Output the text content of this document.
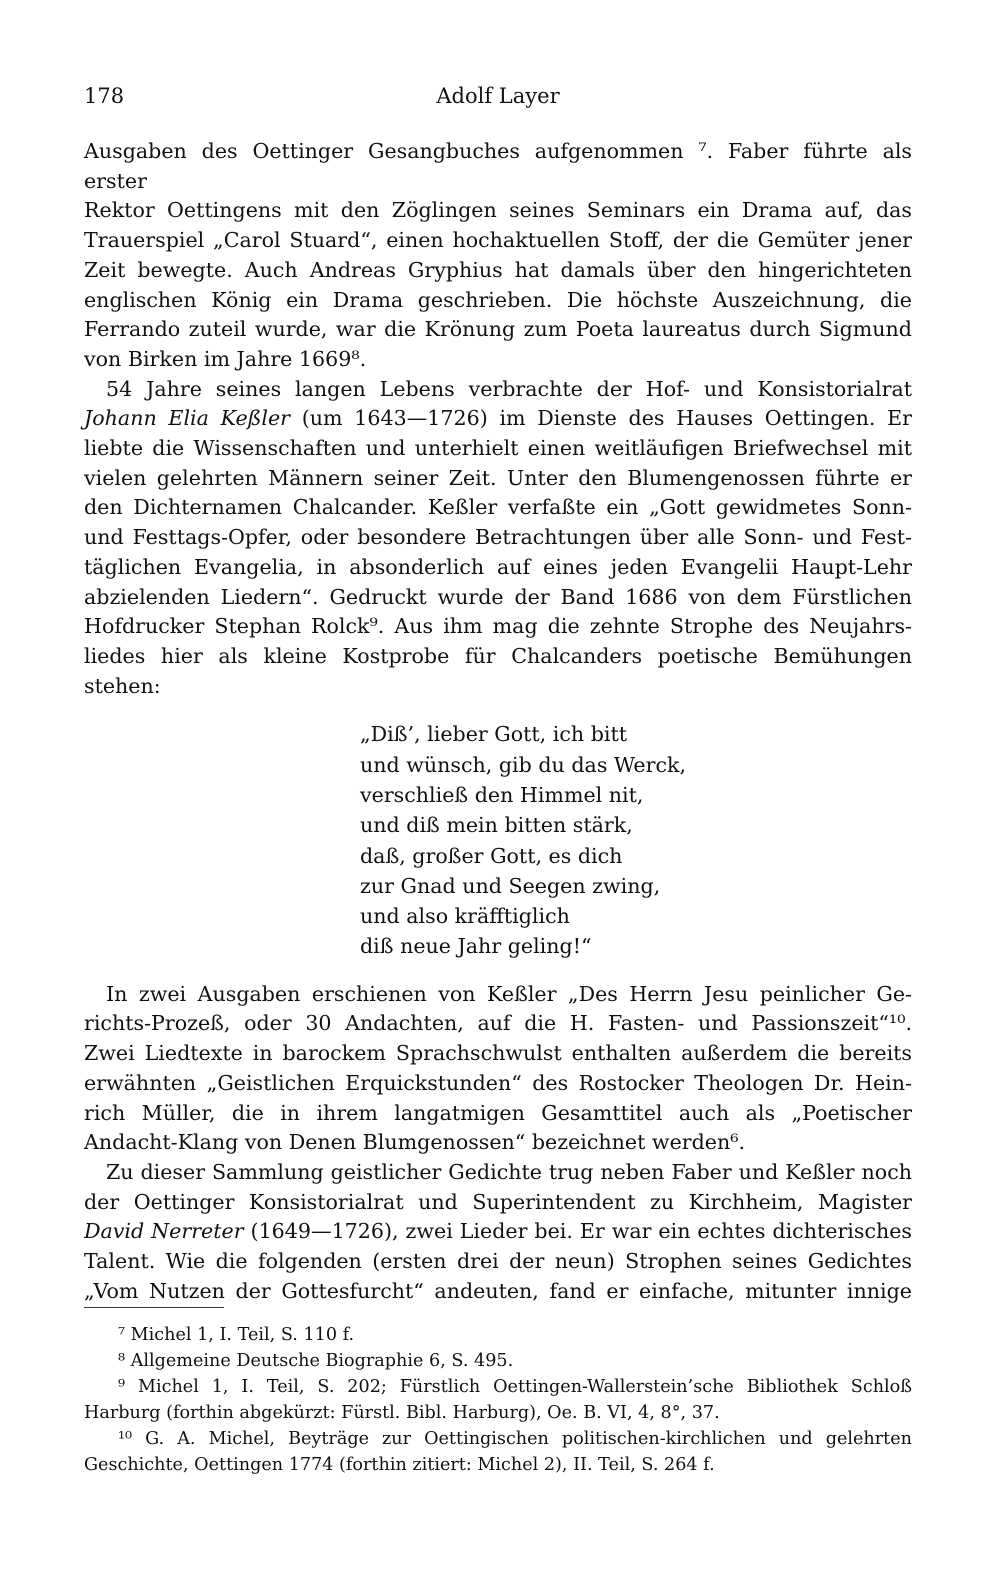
178	Adolf Layer

Ausgaben des Oettinger Gesangbuches aufgenommen ⁷. Faber führte als erster
Rektor Oettingens mit den Zöglingen seines Seminars ein Drama auf, das
Trauerspiel „Carol Stuard“, einen hochaktuellen Stoff, der die Gemüter jener
Zeit bewegte. Auch Andreas Gryphius hat damals über den hingerichteten
englischen König ein Drama geschrieben. Die höchste Auszeichnung, die
Ferrando zuteil wurde, war die Krönung zum Poeta laureatus durch Sigmund
von Birken im Jahre 1669⁸.

54 Jahre seines langen Lebens verbrachte der Hof- und Konsistorialrat
Johann Elia Keßler (um 1643—1726) im Dienste des Hauses Oettingen. Er
liebte die Wissenschaften und unterhielt einen weitläufigen Briefwechsel mit
vielen gelehrten Männern seiner Zeit. Unter den Blumengenossen führte er
den Dichternamen Chalcander. Keßler verfaßte ein „Gott gewidmetes Sonn-
und Festtags-Opfer, oder besondere Betrachtungen über alle Sonn- und Fest-
täglichen Evangelia, in absonderlich auf eines jeden Evangelii Haupt-Lehr
abzielenden Liedern“. Gedruckt wurde der Band 1686 von dem Fürstlichen
Hofdrucker Stephan Rolck⁹. Aus ihm mag die zehnte Strophe des Neujahrs-
liedes hier als kleine Kostprobe für Chalcanders poetische Bemühungen stehen:

„Diß’, lieber Gott, ich bitt
und wünsch, gib du das Werck,
verschließ den Himmel nit,
und diß mein bitten stärk,
daß, großer Gott, es dich
zur Gnad und Seegen zwing,
und also kräfftiglich
diß neue Jahr geling!“

In zwei Ausgaben erschienen von Keßler „Des Herrn Jesu peinlicher Ge-
richts-Prozeß, oder 30 Andachten, auf die H. Fasten- und Passionszeit“¹⁰.
Zwei Liedtexte in barockem Sprachschwulst enthalten außerdem die bereits
erwähnten „Geistlichen Erquickstunden“ des Rostocker Theologen Dr. Hein-
rich Müller, die in ihrem langatmigen Gesamttitel auch als „Poetischer
Andacht-Klang von Denen Blumgenossen“ bezeichnet werden⁶.

Zu dieser Sammlung geistlicher Gedichte trug neben Faber und Keßler noch
der Oettinger Konsistorialrat und Superintendent zu Kirchheim, Magister
David Nerreter (1649—1726), zwei Lieder bei. Er war ein echtes dichterisches
Talent. Wie die folgenden (ersten drei der neun) Strophen seines Gedichtes
„Vom Nutzen der Gottesfurcht“ andeuten, fand er einfache, mitunter innige

⁷ Michel 1, I. Teil, S. 110 f.
⁸ Allgemeine Deutsche Biographie 6, S. 495.
⁹ Michel 1, I. Teil, S. 202; Fürstlich Oettingen-Wallerstein’sche Bibliothek Schloß
Harburg (forthin abgekürzt: Fürstl. Bibl. Harburg), Oe. B. VI, 4, 8°, 37.
¹⁰ G. A. Michel, Beyträge zur Oettingischen politischen-kirchlichen und gelehrten
Geschichte, Oettingen 1774 (forthin zitiert: Michel 2), II. Teil, S. 264 f.
